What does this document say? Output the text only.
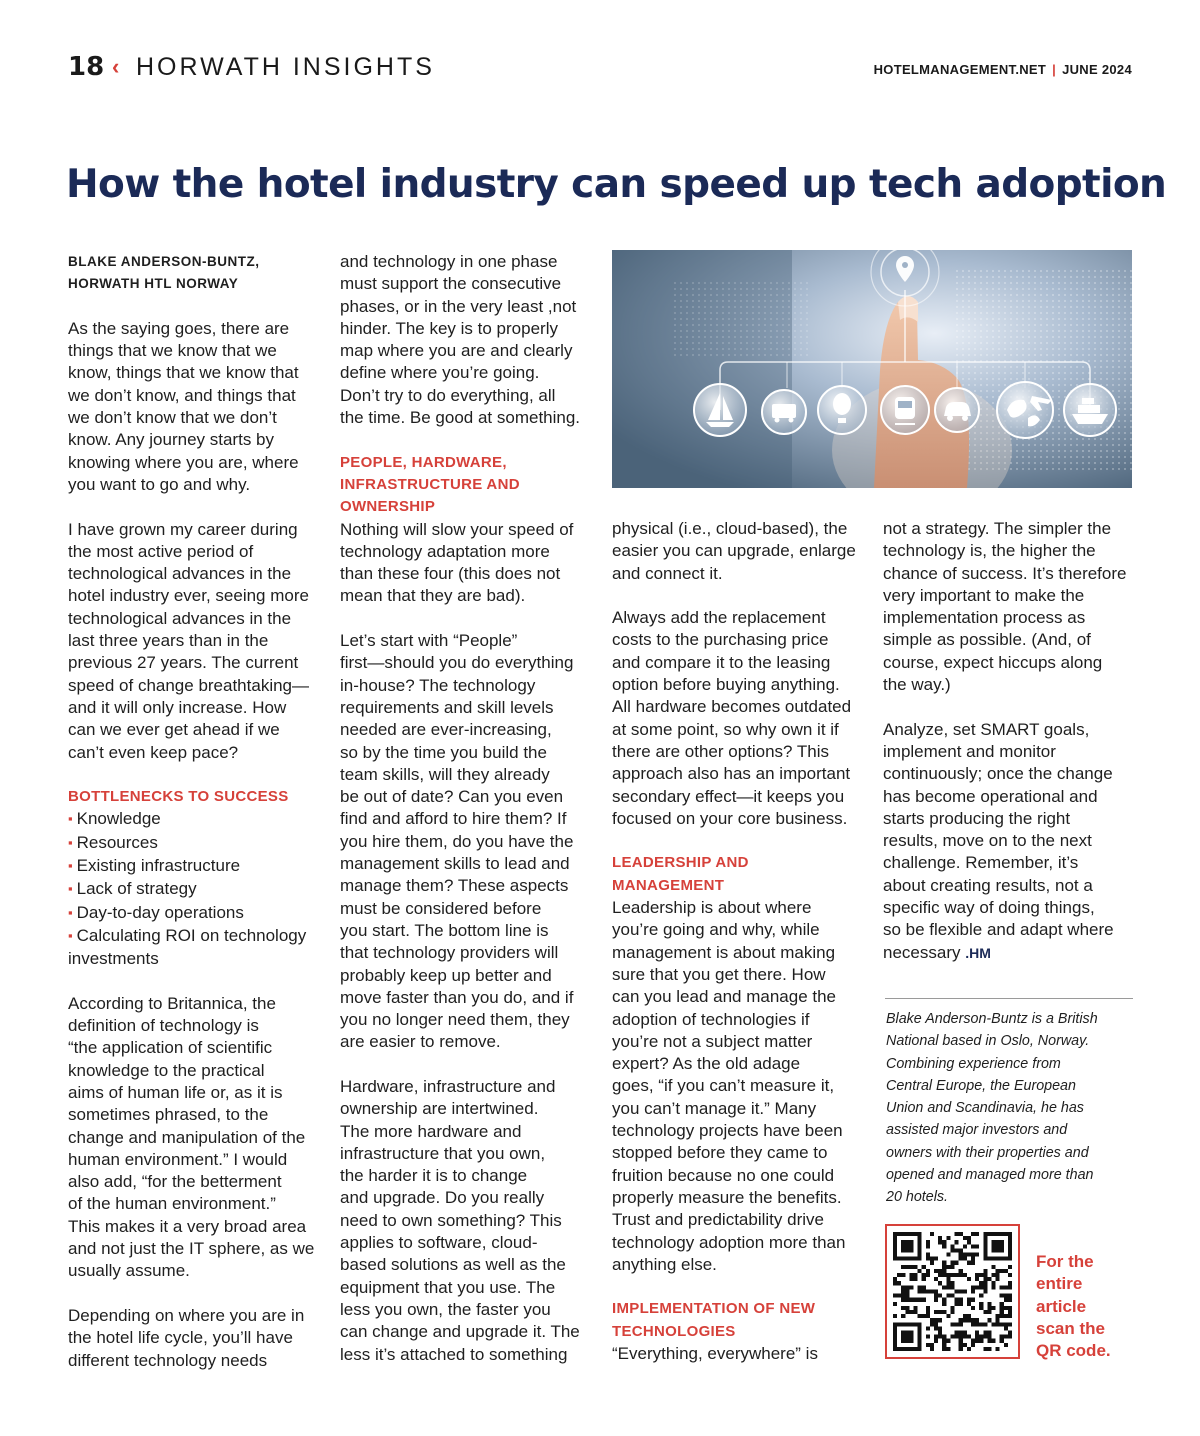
18 ‹ HORWATH INSIGHTS	HOTELMANAGEMENT.NET | JUNE 2024
How the hotel industry can speed up tech adoption

BLAKE ANDERSON-BUNTZ,

HORWATH HTL NORWAY

As the saying goes, there are
things that we know that we
know, things that we know that
we don’t know, and things that
we don’t know that we don’t
know. Any journey starts by
knowing where you are, where
you want to go and why.

I have grown my career during
the most active period of
technological advances in the
hotel industry ever, seeing more
technological advances in the
last three years than in the
previous 27 years. The current
speed of change breathtaking—
and it will only increase. How
can we ever get ahead if we
can’t even keep pace?

BOTTLENECKS TO SUCCESS

▪ Knowledge
▪ Resources
▪ Existing infrastructure
▪ Lack of strategy
▪ Day-to-day operations
▪ Calculating ROI on technology

investments

According to Britannica, the
definition of technology is
“the application of scientific
knowledge to the practical
aims of human life or, as it is
sometimes phrased, to the
change and manipulation of the
human environment.” I would
also add, “for the betterment
of the human environment.”
This makes it a very broad area
and not just the IT sphere, as we
usually assume.

Depending on where you are in
the hotel life cycle, you’ll have
different technology needs

and technology in one phase
must support the consecutive
phases, or in the very least ,not
hinder. The key is to properly
map where you are and clearly
define where you’re going.
Don’t try to do everything, all
the time. Be good at something.

PEOPLE, HARDWARE,
INFRASTRUCTURE AND
OWNERSHIP

Nothing will slow your speed of
technology adaptation more
than these four (this does not
mean that they are bad).

Let’s start with “People”
first—should you do everything
in-house? The technology
requirements and skill levels
needed are ever-increasing,
so by the time you build the
team skills, will they already
be out of date? Can you even
find and afford to hire them? If
you hire them, do you have the
management skills to lead and
manage them? These aspects
must be considered before
you start. The bottom line is
that technology providers will
probably keep up better and
move faster than you do, and if
you no longer need them, they
are easier to remove.

Hardware, infrastructure and
ownership are intertwined.
The more hardware and
infrastructure that you own,
the harder it is to change
and upgrade. Do you really
need to own something? This
applies to software, cloud-
based solutions as well as the
equipment that you use. The
less you own, the faster you
can change and upgrade it. The
less it’s attached to something

physical (i.e., cloud-based), the
easier you can upgrade, enlarge
and connect it.

Always add the replacement
costs to the purchasing price
and compare it to the leasing
option before buying anything.
All hardware becomes outdated
at some point, so why own it if
there are other options? This
approach also has an important
secondary effect—it keeps you
focused on your core business.

LEADERSHIP AND
MANAGEMENT

Leadership is about where
you’re going and why, while
management is about making
sure that you get there. How
can you lead and manage the
adoption of technologies if
you’re not a subject matter
expert? As the old adage
goes, “if you can’t measure it,
you can’t manage it.” Many
technology projects have been
stopped before they came to
fruition because no one could
properly measure the benefits.
Trust and predictability drive
technology adoption more than
anything else.

IMPLEMENTATION OF NEW
TECHNOLOGIES

“Everything, everywhere” is

not a strategy. The simpler the
technology is, the higher the
chance of success. It’s therefore
very important to make the
implementation process as
simple as possible. (And, of
course, expect hiccups along
the way.)

Analyze, set SMART goals,
implement and monitor
continuously; once the change
has become operational and
starts producing the right
results, move on to the next
challenge. Remember, it’s
about creating results, not a
specific way of doing things,
so be flexible and adapt where

necessary .HM

Blake Anderson-Buntz is a British
National based in Oslo, Norway.
Combining experience from
Central Europe, the European
Union and Scandinavia, he has
assisted major investors and
owners with their properties and
opened and managed more than
20 hotels.
For the
entire
article
scan the
QR code.
